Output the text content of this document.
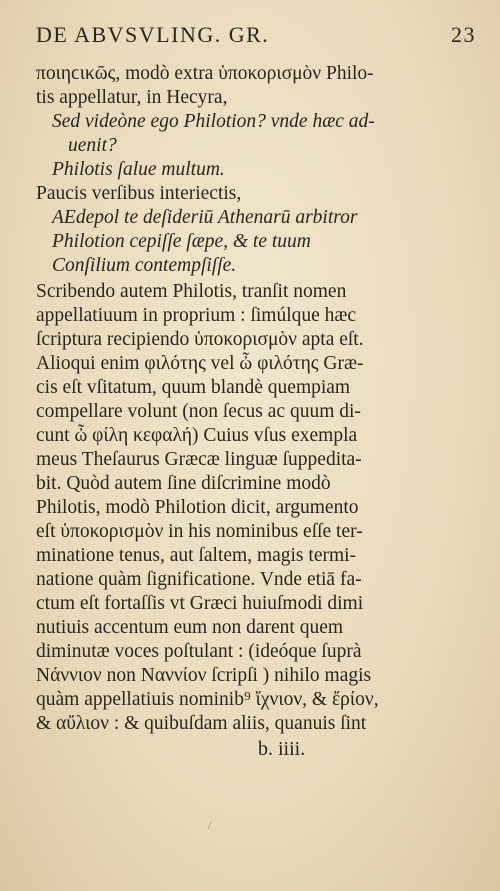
DE ABVSVLING. GR.	23
ποιηϲικῶς, modò extra ὑποκορισμὸν Philo-
tis appellatur, in Hecyra,
Sed videòne ego Philotion? vnde hæc ad-
uenit?
Philotis ſalue multum.
Paucis verſibus interiectis,
AEdepol te deſideriū Athenarū arbitror
Philotion cepiſſe ſæpe, & te tuum
Conſilium contempſiſſe.
Scribendo autem Philotis, tranſit nomen
appellatiuum in proprium : ſimúlque hæc
ſcriptura recipiendo ὑποκορισμὸν apta eſt.
Alioqui enim φιλότης vel ὦ φιλότης Græ-
cis eſt vſitatum, quum blandè quempiam
compellare volunt (non ſecus ac quum di-
cunt ὦ φίλη κεφαλή) Cuius vſus exempla
meus Theſaurus Græcæ linguæ ſuppedita-
bit. Quòd autem ſine diſcrimine modò
Philotis, modò Philotion dicit, argumento
eſt ὑποκορισμὸν in his nominibus eſſe ter-
minatione tenus, aut ſaltem, magis termi-
natione quàm ſignificatione. Vnde etiā fa-
ctum eſt fortaſſis vt Græci huiuſmodi dimi
nutiuis accentum eum non darent quem
diminutæ voces poſtulant : (ideóque ſuprà
Νάννιον non Ναννίον ſcripſi ) nihilo magis
quàm appellatiuis nominib⁹ ἴχνιον, & ἔρίον,
& αὔλιον : & quibuſdam aliis, quanuis ſint
b. iiii.
/
